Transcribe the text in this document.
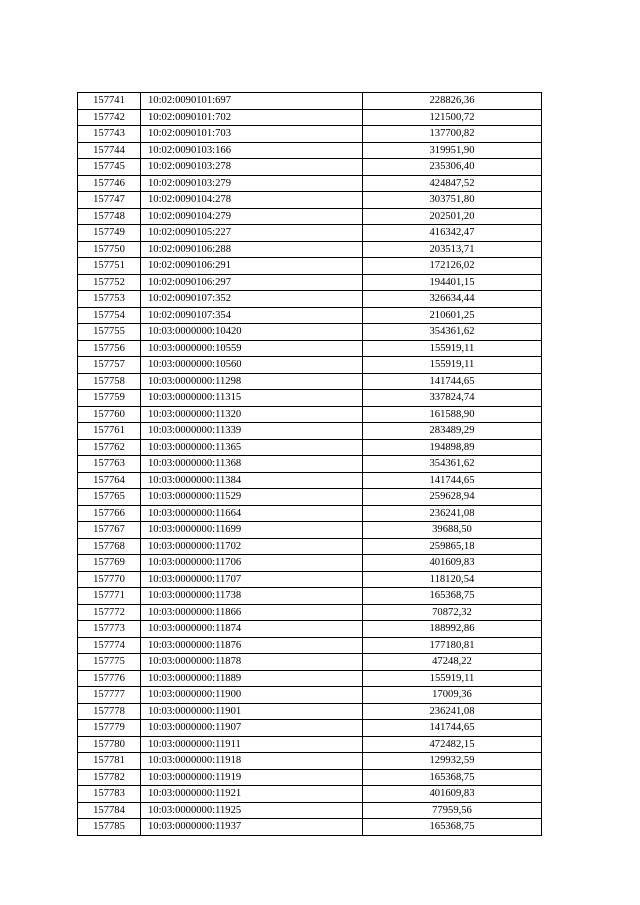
157741	10:02:0090101:697	228826,36
157742	10:02:0090101:702	121500,72
157743	10:02:0090101:703	137700,82
157744	10:02:0090103:166	319951,90
157745	10:02:0090103:278	235306,40
157746	10:02:0090103:279	424847,52
157747	10:02:0090104:278	303751,80
157748	10:02:0090104:279	202501,20
157749	10:02:0090105:227	416342,47
157750	10:02:0090106:288	203513,71
157751	10:02:0090106:291	172126,02
157752	10:02:0090106:297	194401,15
157753	10:02:0090107:352	326634,44
157754	10:02:0090107:354	210601,25
157755	10:03:0000000:10420	354361,62
157756	10:03:0000000:10559	155919,11
157757	10:03:0000000:10560	155919,11
157758	10:03:0000000:11298	141744,65
157759	10:03:0000000:11315	337824,74
157760	10:03:0000000:11320	161588,90
157761	10:03:0000000:11339	283489,29
157762	10:03:0000000:11365	194898,89
157763	10:03:0000000:11368	354361,62
157764	10:03:0000000:11384	141744,65
157765	10:03:0000000:11529	259628,94
157766	10:03:0000000:11664	236241,08
157767	10:03:0000000:11699	39688,50
157768	10:03:0000000:11702	259865,18
157769	10:03:0000000:11706	401609,83
157770	10:03:0000000:11707	118120,54
157771	10:03:0000000:11738	165368,75
157772	10:03:0000000:11866	70872,32
157773	10:03:0000000:11874	188992,86
157774	10:03:0000000:11876	177180,81
157775	10:03:0000000:11878	47248,22
157776	10:03:0000000:11889	155919,11
157777	10:03:0000000:11900	17009,36
157778	10:03:0000000:11901	236241,08
157779	10:03:0000000:11907	141744,65
157780	10:03:0000000:11911	472482,15
157781	10:03:0000000:11918	129932,59
157782	10:03:0000000:11919	165368,75
157783	10:03:0000000:11921	401609,83
157784	10:03:0000000:11925	77959,56
157785	10:03:0000000:11937	165368,75
